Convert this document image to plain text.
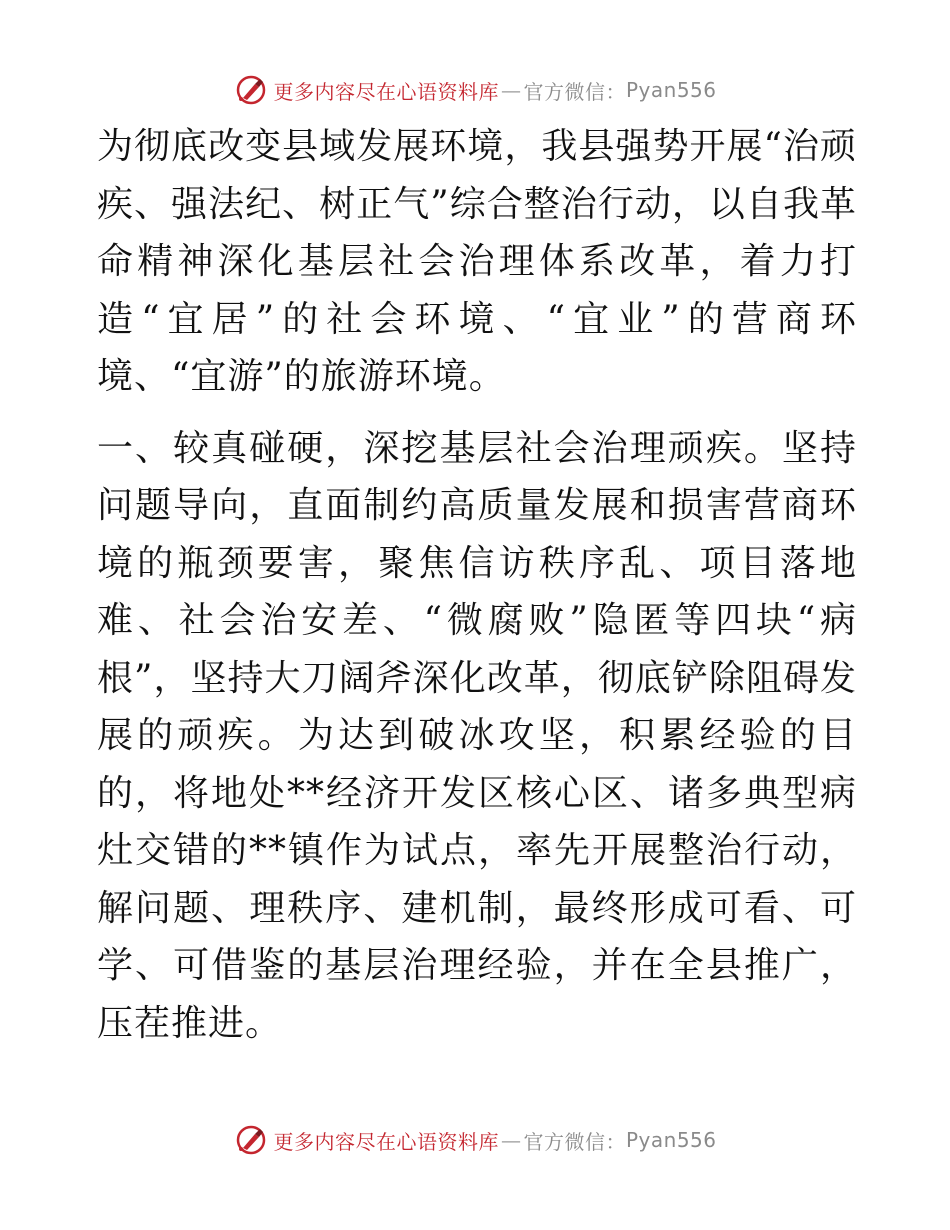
更多内容尽在心语资料库 — 官方微信： Pyan556

为彻底改变县域发展环境，我县强势开展“治顽疾、强法纪、树正气”综合整治行动，以自我革命精神深化基层社会治理体系改革，着力打造“宜居”的社会环境、“宜业”的营商环境、“宜游”的旅游环境。

一、较真碰硬，深挖基层社会治理顽疾。坚持问题导向，直面制约高质量发展和损害营商环境的瓶颈要害，聚焦信访秩序乱、项目落地难、社会治安差、“微腐败”隐匿等四块“病根”，坚持大刀阔斧深化改革，彻底铲除阻碍发展的顽疾。为达到破冰攻坚，积累经验的目的，将地处**经济开发区核心区、诸多典型病灶交错的**镇作为试点，率先开展整治行动，解问题、理秩序、建机制，最终形成可看、可学、可借鉴的基层治理经验，并在全县推广，压茬推进。

更多内容尽在心语资料库 — 官方微信： Pyan556
